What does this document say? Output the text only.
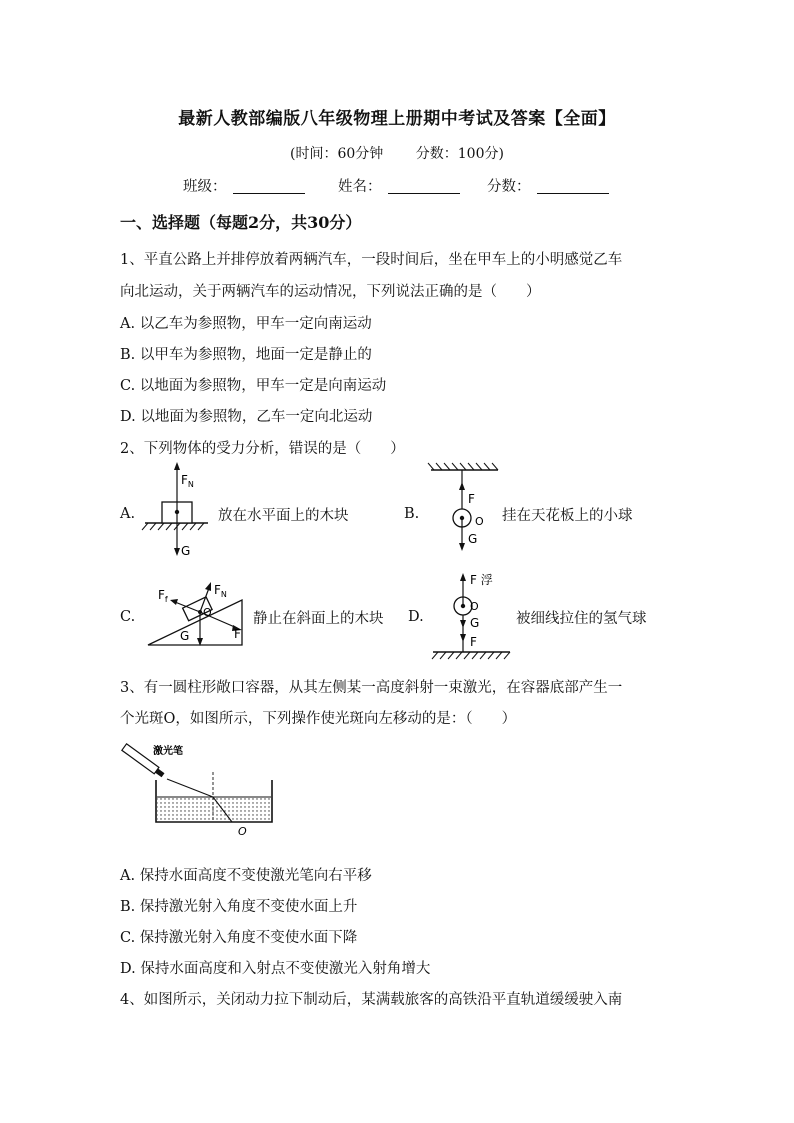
最新人教部编版八年级物理上册期中考试及答案【全面】
(时间：60分钟 分数：100分)
班级：	姓名：	分数：
一、选择题（每题2分，共30分）
1、平直公路上并排停放着两辆汽车，一段时间后，坐在甲车上的小明感觉乙车
向北运动，关于两辆汽车的运动情况，下列说法正确的是（　　）
A. 以乙车为参照物，甲车一定向南运动
B. 以甲车为参照物，地面一定是静止的
C. 以地面为参照物，甲车一定是向南运动
D. 以地面为参照物，乙车一定向北运动
2、下列物体的受力分析，错误的是（　　）
A.
$F_N$
G
放在水平面上的木块	B.
F
O
G
挂在天花板上的小球
C.
$F_f$
$F_N$
O
G	F
静止在斜面上的木块 D.
F 浮
O
G
F
被细线拉住的氢气球
3、有一圆柱形敞口容器，从其左侧某一高度斜射一束激光，在容器底部产生一
个光斑O，如图所示，下列操作使光斑向左移动的是：（　　）
激光笔
O
A. 保持水面高度不变使激光笔向右平移
B. 保持激光射入角度不变使水面上升
C. 保持激光射入角度不变使水面下降
D. 保持水面高度和入射点不变使激光入射角增大
4、如图所示，关闭动力拉下制动后，某满载旅客的高铁沿平直轨道缓缓驶入南
